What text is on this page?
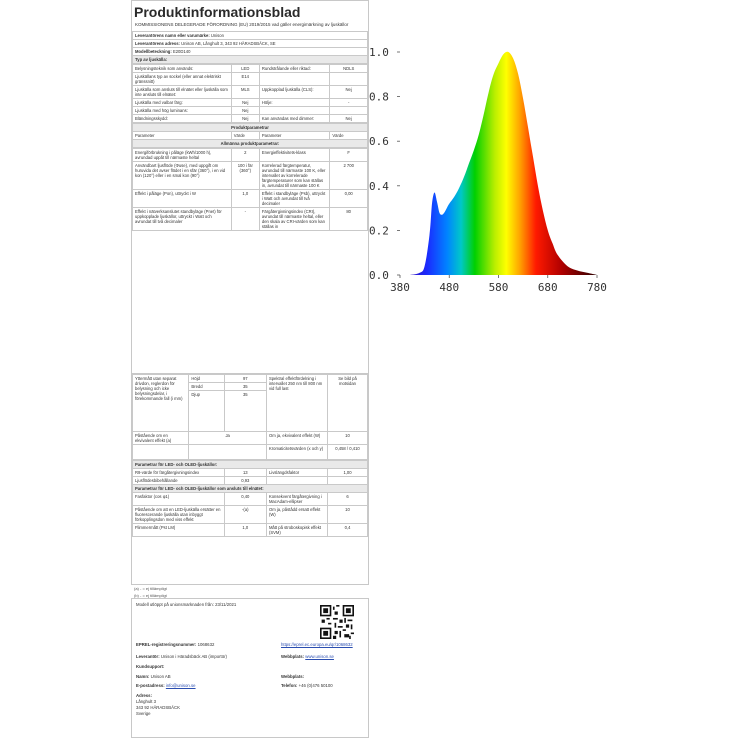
Produktinformationsblad
KOMMISSIONENS DELEGERADE FÖRORDNING (EU) 2019/2015 vad gäller energimärkning av ljuskällor
Leverantörens namn eller varumärke: Unison
Leverantörens adress: Unison AB, Långhult 3, 343 92 HÄRADSBÄCK, SE
Modellbeteckning: E20D140
Typ av ljuskälla:
Belysningsteknik som används:	LED	Rundstrålande eller riktad:	NDLS
Ljuskällans typ av sockel (eller annat elektriskt gränssnitt)	E14		
Ljuskälla som ansluts till elnätet eller ljuskälla som inte ansluts till elnätet:	MLS	Uppkopplad ljuskälla (CLS):	Nej
Ljuskälla med valbar färg:	Nej	Hölje:	-
Ljuskälla med hög luminans:	Nej		
Bländningsskydd:	Nej	Kan användas med dimmer:	Nej
Produktparametrar
Parameter	Värde	Parameter	Värde
Allmänna produktparametrar:
Energiförbrukning i påläge (kWh/1000 h), avrundad uppåt till närmaste heltal	2	Energieffektivitets-klass	F
Användbart ljusflöde (Φuse), med uppgift om huruvida det avser flödet i en sfär (360°), i en vid kon (120°) eller i en smal kon (90°)	100 i fär (360°)	Korrelerad färgtemperatur, avrundad till närmaste 100 K, eller intervallet av korrelerade färgtemperaturer som kan ställas in, avrundat till närmaste 100 K	2 700
Effekt i påläge (Pon), uttryckt i W	1,0	Effekt i standbyläge (Psb), uttryckt i Watt och avrundat till två decimaler	0,00
Effekt i nätverksanslutet standbyläge (Pnet) för uppkopplade ljuskällor, uttryckt i Watt och avrundat till två decimaler	-	Färgåtergivningsindex (CRI), avrundat till närmaste heltal, eller den skala av CRI-värden som kan ställas in	80
Yttermått utan separat drivdon, reglerdon för belysning och icke belysningsdelar, i förekommande fall (i mm)	Höjd	97	Spektral effektfördelning i intervallet 250 nm till 800 nm vid full last	Se bild på motsidan
	Bredd	35		
	Djup	35		
Påstående om en ekvivalent effekt (a)	Ja		Om ja, ekvivalent effekt (W)	10
			Kromaticitetsvärden (x och y)	0,458 / 0,410
Parametrar för LED- och OLED-ljuskällor:			
R9-värde för färgåtergivningsindex	13	Livslängdsfaktor	1,00
Ljusflödesbibehållande	0,93		
Parametrar för LED- och OLED-ljuskällor som ansluts till elnätet:			
Fasfaktor (cos φ1)	0,40	Konsekvent färgåtergivning i MacAdam-ellipser	6
Påstående om att en LED-ljuskälla ersätter en fluorescerande ljuskälla utan inbyggt förkopplingsdon med viss effekt	-(a)	Om ja, påstådd ersatt effekt (W)	10
Flimmermått (Pst LM)	1,0	Mått på stroboskopisk effekt (SVM)	0,4
(a) - = ej tillämpligt
(b) - = ej tillämpligt
Modell utlöppt på unionsmarknaden från: 23/11/2021
EPREL-registreringsnummer: 1068632	https://eprel.ec.europa.eu/qr/1068632
Leverantör: Unison i Häradsbäck AB (importör)	Webbplats: www.unison.se
Kundsupport:
Namn: Unison AB	Webbplats:
E-postadress: info@unison.se	Telefon: +46 (0)476 50100
Adress:
Långhult 3
343 92 HÄRADSBÄCK
Sverige
0.0
0.2
0.4
0.6
0.8
1.0
380	480	580	680	780
